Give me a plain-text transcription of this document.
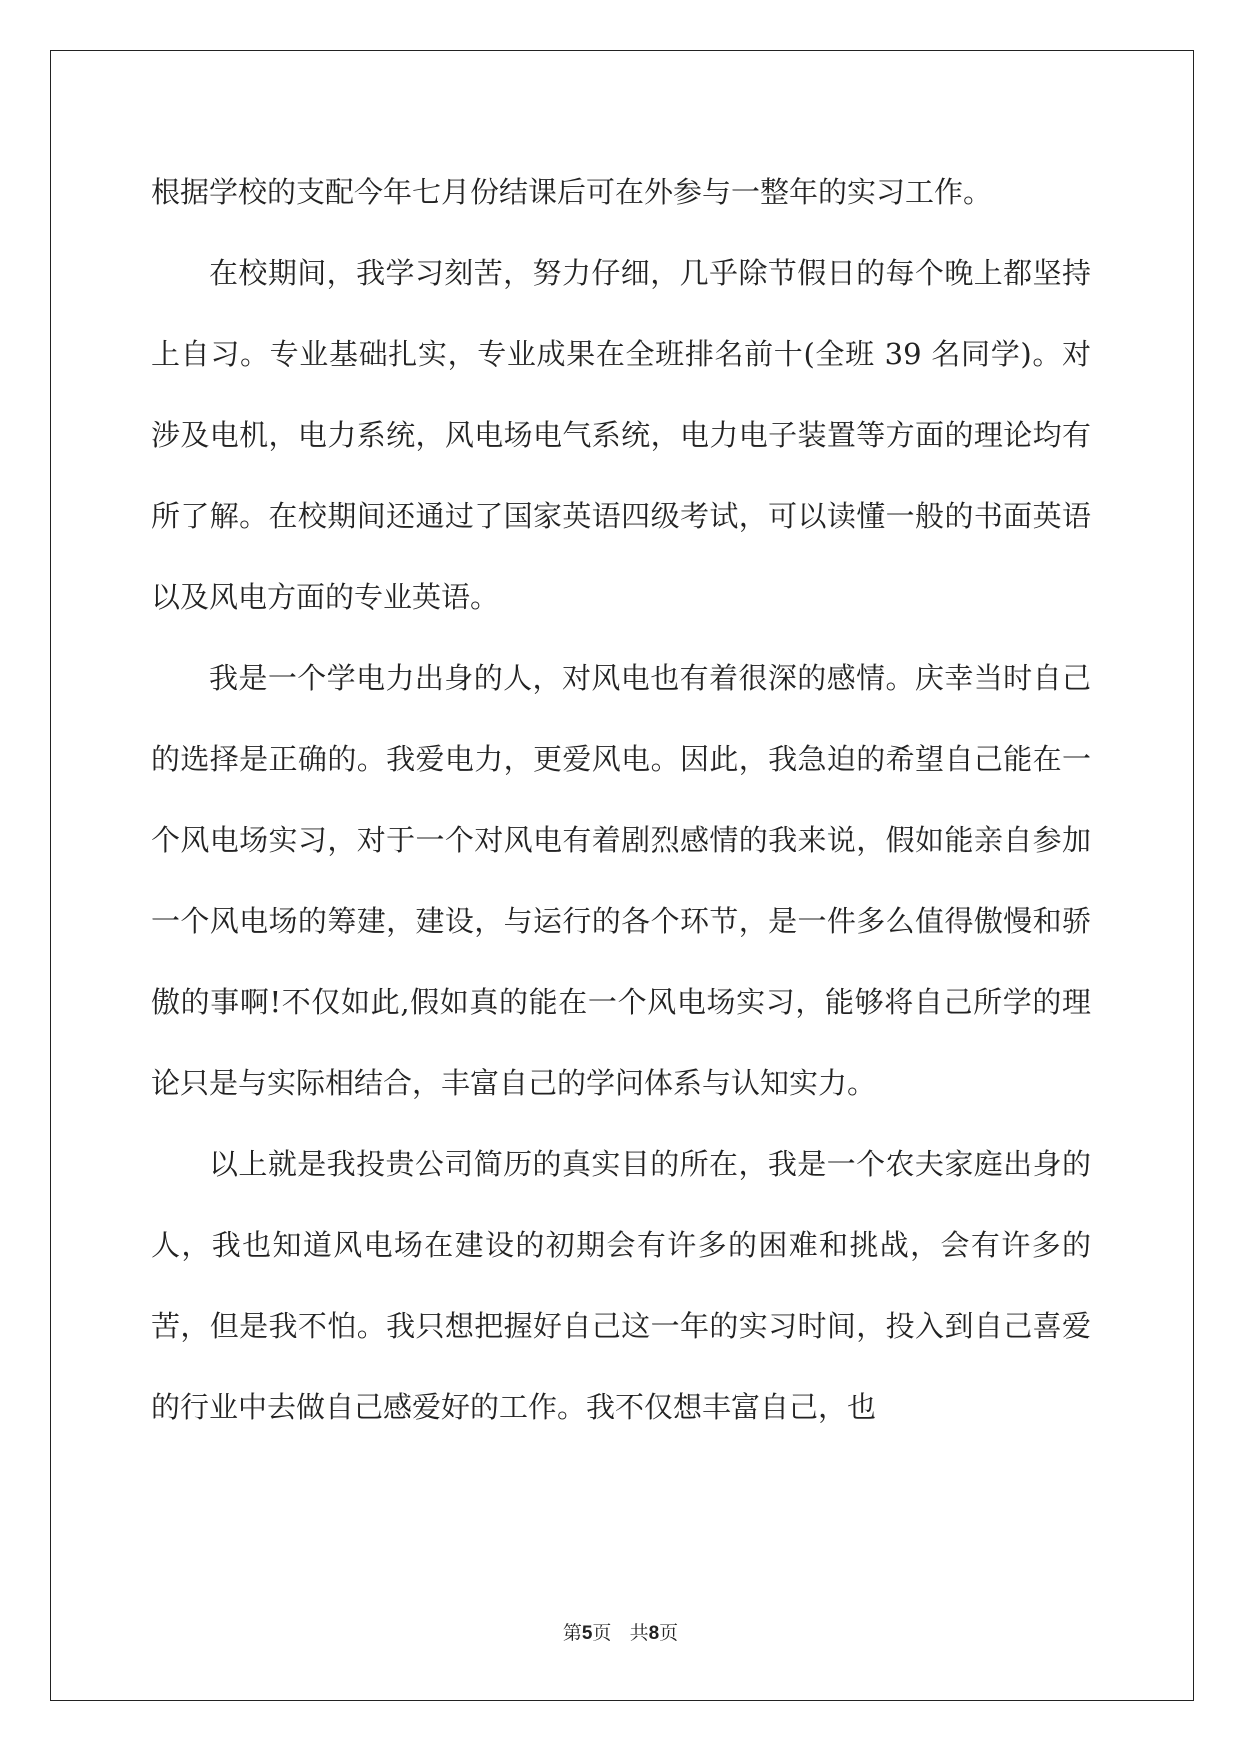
根据学校的支配今年七月份结课后可在外参与一整年的实习工作。

在校期间，我学习刻苦，努力仔细，几乎除节假日的每个晚上都坚持上自习。专业基础扎实，专业成果在全班排名前十(全班 39 名同学)。对涉及电机，电力系统，风电场电气系统，电力电子装置等方面的理论均有所了解。在校期间还通过了国家英语四级考试，可以读懂一般的书面英语以及风电方面的专业英语。

我是一个学电力出身的人，对风电也有着很深的感情。庆幸当时自己的选择是正确的。我爱电力，更爱风电。因此，我急迫的希望自己能在一个风电场实习，对于一个对风电有着剧烈感情的我来说，假如能亲自参加一个风电场的筹建，建设，与运行的各个环节，是一件多么值得傲慢和骄傲的事啊!不仅如此,假如真的能在一个风电场实习，能够将自己所学的理论只是与实际相结合，丰富自己的学问体系与认知实力。

以上就是我投贵公司简历的真实目的所在，我是一个农夫家庭出身的人，我也知道风电场在建设的初期会有许多的困难和挑战，会有许多的苦，但是我不怕。我只想把握好自己这一年的实习时间，投入到自己喜爱的行业中去做自己感爱好的工作。我不仅想丰富自己，也

第5页 共8页
